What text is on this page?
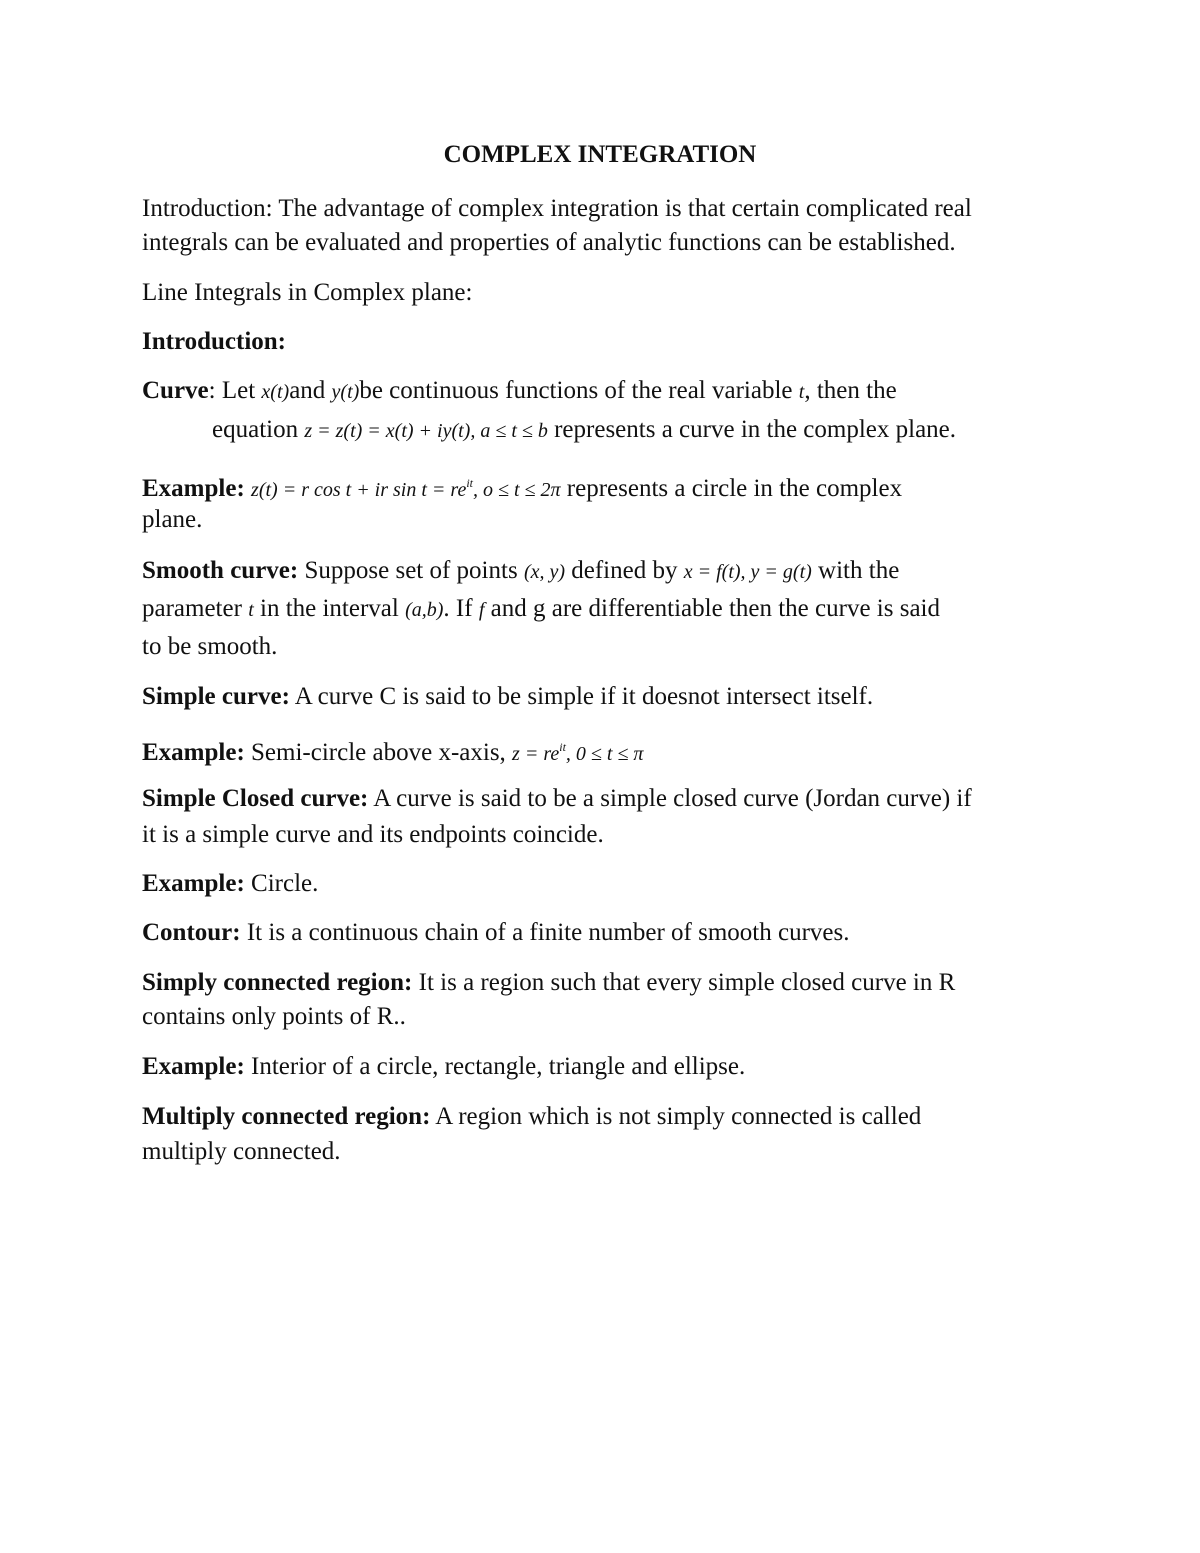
COMPLEX INTEGRATION
Introduction: The advantage of complex integration is that certain complicated real
integrals can be evaluated and properties of analytic functions can be established.
Line Integrals in Complex plane:
Introduction:
Curve: Let x(t)and y(t)be continuous functions of the real variable t, then the
equation z = z(t) = x(t) + iy(t), a ≤ t ≤ b represents a curve in the complex plane.
Example: z(t) = r cos t + ir $\sin t = re^{it}$, o ≤ t ≤ 2π represents a circle in the complex
plane.
Smooth curve: Suppose set of points (x, y) defined by x = f(t), y = g(t) with the
parameter t in the interval (a,b). If f and g are differentiable then the curve is said
to be smooth.
Simple curve: A curve C is said to be simple if it doesnot intersect itself.
Example: Semi-circle above x-axis, $z = re^{it}$, 0 ≤ t ≤ π
Simple Closed curve: A curve is said to be a simple closed curve (Jordan curve) if
it is a simple curve and its endpoints coincide.
Example: Circle.
Contour: It is a continuous chain of a finite number of smooth curves.
Simply connected region: It is a region such that every simple closed curve in R
contains only points of R..
Example: Interior of a circle, rectangle, triangle and ellipse.
Multiply connected region: A region which is not simply connected is called
multiply connected.
